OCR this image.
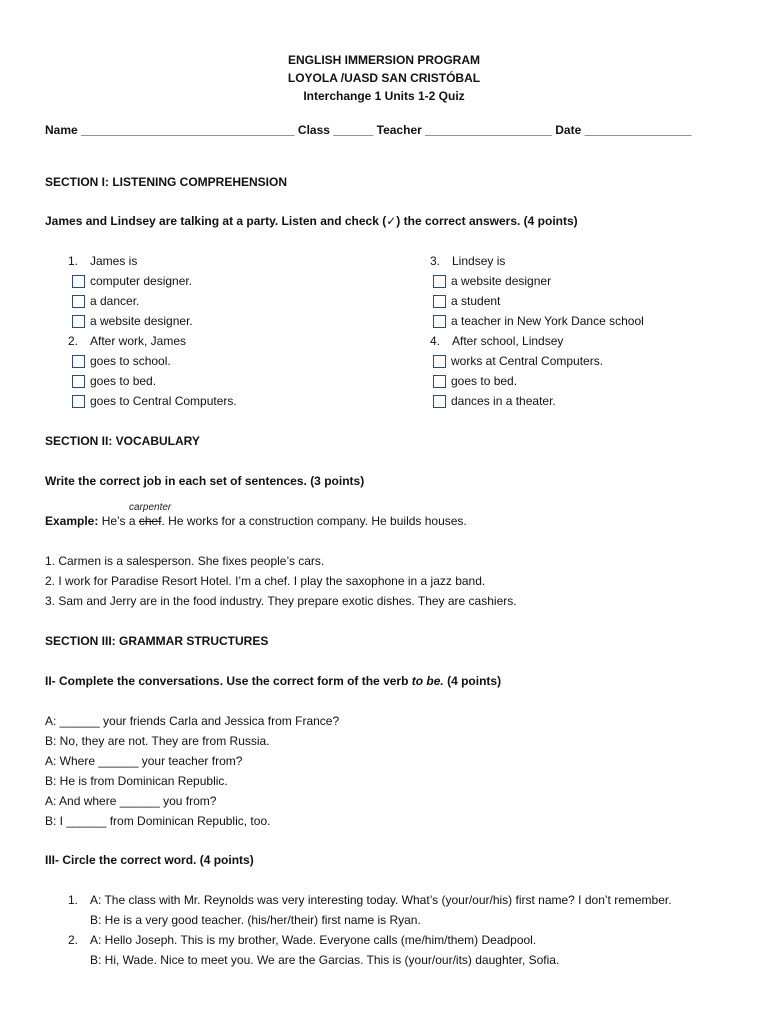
ENGLISH IMMERSION PROGRAM
LOYOLA /UASD SAN CRISTÓBAL
Interchange 1 Units 1-2 Quiz
Name ________________________________ Class ______ Teacher ___________________ Date ________________
SECTION I: LISTENING COMPREHENSION
James and Lindsey are talking at a party. Listen and check (✓) the correct answers. (4 points)
1. James is
computer designer.
a dancer.
a website designer.
2. After work, James
goes to school.
goes to bed.
goes to Central Computers.
3. Lindsey is
a website designer
a student
a teacher in New York Dance school
4. After school, Lindsey
works at Central Computers.
goes to bed.
dances in a theater.
SECTION II: VOCABULARY
Write the correct job in each set of sentences. (3 points)
carpenter
Example: He’s a chef. He works for a construction company. He builds houses.
1. Carmen is a salesperson. She fixes people’s cars.
2. I work for Paradise Resort Hotel. I’m a chef. I play the saxophone in a jazz band.
3. Sam and Jerry are in the food industry. They prepare exotic dishes. They are cashiers.
SECTION III: GRAMMAR STRUCTURES
II- Complete the conversations. Use the correct form of the verb to be. (4 points)
A: ______ your friends Carla and Jessica from France?
B: No, they are not. They are from Russia.
A: Where ______ your teacher from?
B: He is from Dominican Republic.
A: And where ______ you from?
B: I ______ from Dominican Republic, too.
III- Circle the correct word. (4 points)
1. A: The class with Mr. Reynolds was very interesting today. What’s (your/our/his) first name? I don’t remember.
B: He is a very good teacher. (his/her/their) first name is Ryan.
2. A: Hello Joseph. This is my brother, Wade. Everyone calls (me/him/them) Deadpool.
B: Hi, Wade. Nice to meet you. We are the Garcias. This is (your/our/its) daughter, Sofia.
